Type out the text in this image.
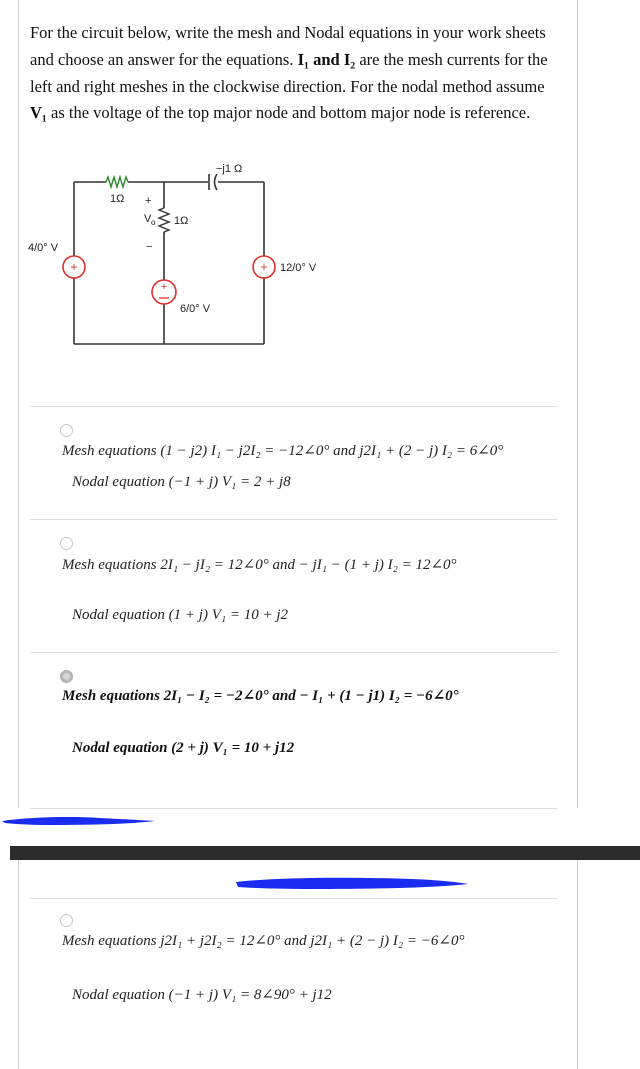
For the circuit below, write the mesh and Nodal equations in your work sheets and choose an answer for the equations. I₁ and I₂ are the mesh currents for the left and right meshes in the clockwise direction. For the nodal method assume V₁ as the voltage of the top major node and bottom major node is reference.

+	+
+
−j1 Ω
1Ω
1Ω
+
V o
−
4/0° V
12/0° V
6/0° V
Mesh equations (1 − j2) I₁ − j2I₂ = −12∠0° and j2I₁ + (2 − j) I₂ = 6∠0°
Nodal equation (−1 + j) V₁ = 2 + j8
Mesh equations 2I₁ − jI₂ = 12∠0° and − jI₁ − (1 + j) I₂ = 12∠0°
Nodal equation (1 + j) V₁ = 10 + j2
Mesh equations 2I₁ − I₂ = −2∠0° and − I₁ + (1 − j1) I₂ = −6∠0°
Nodal equation (2 + j) V₁ = 10 + j12
Mesh equations j2I₁ + j2I₂ = 12∠0° and j2I₁ + (2 − j) I₂ = −6∠0°
Nodal equation (−1 + j) V₁ = 8∠90° + j12
